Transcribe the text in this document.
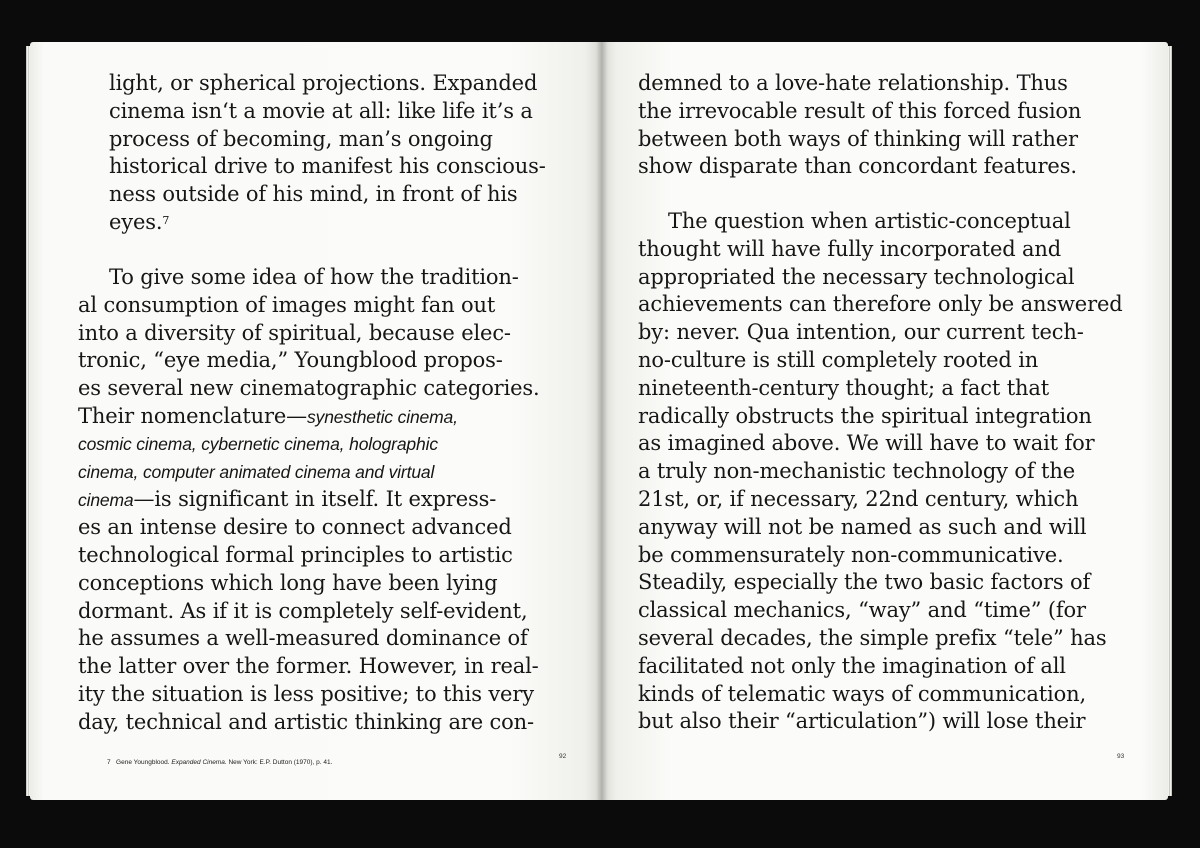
light, or spherical projections. Expanded
cinema isn‘t a movie at all: like life it’s a
process of becoming, man’s ongoing
historical drive to manifest his conscious-
ness outside of his mind, in front of his
eyes.$^7$
To give some idea of how the tradition-
al consumption of images might fan out
into a diversity of spiritual, because elec-
tronic, “eye media,” Youngblood propos-
es several new cinematographic categories.
Their nomenclature—synesthetic cinema,
cosmic cinema, cybernetic cinema, holographic
cinema, computer animated cinema and virtual
cinema—is significant in itself. It express-
es an intense desire to connect advanced
technological formal principles to artistic
conceptions which long have been lying
dormant. As if it is completely self-evident,
he assumes a well-measured dominance of
the latter over the former. However, in real-
ity the situation is less positive; to this very
day, technical and artistic thinking are con-
7 Gene Youngblood. Expanded Cinema. New York: E.P. Dutton (1970), p. 41.
92
demned to a love-hate relationship. Thus
the irrevocable result of this forced fusion
between both ways of thinking will rather
show disparate than concordant features.
The question when artistic-conceptual
thought will have fully incorporated and
appropriated the necessary technological
achievements can therefore only be answered
by: never. Qua intention, our current tech-
no-culture is still completely rooted in
nineteenth-century thought; a fact that
radically obstructs the spiritual integration
as imagined above. We will have to wait for
a truly non-mechanistic technology of the
21st, or, if necessary, 22nd century, which
anyway will not be named as such and will
be commensurately non-communicative.
Steadily, especially the two basic factors of
classical mechanics, “way” and “time” (for
several decades, the simple prefix “tele” has
facilitated not only the imagination of all
kinds of telematic ways of communication,
but also their “articulation”) will lose their
93
